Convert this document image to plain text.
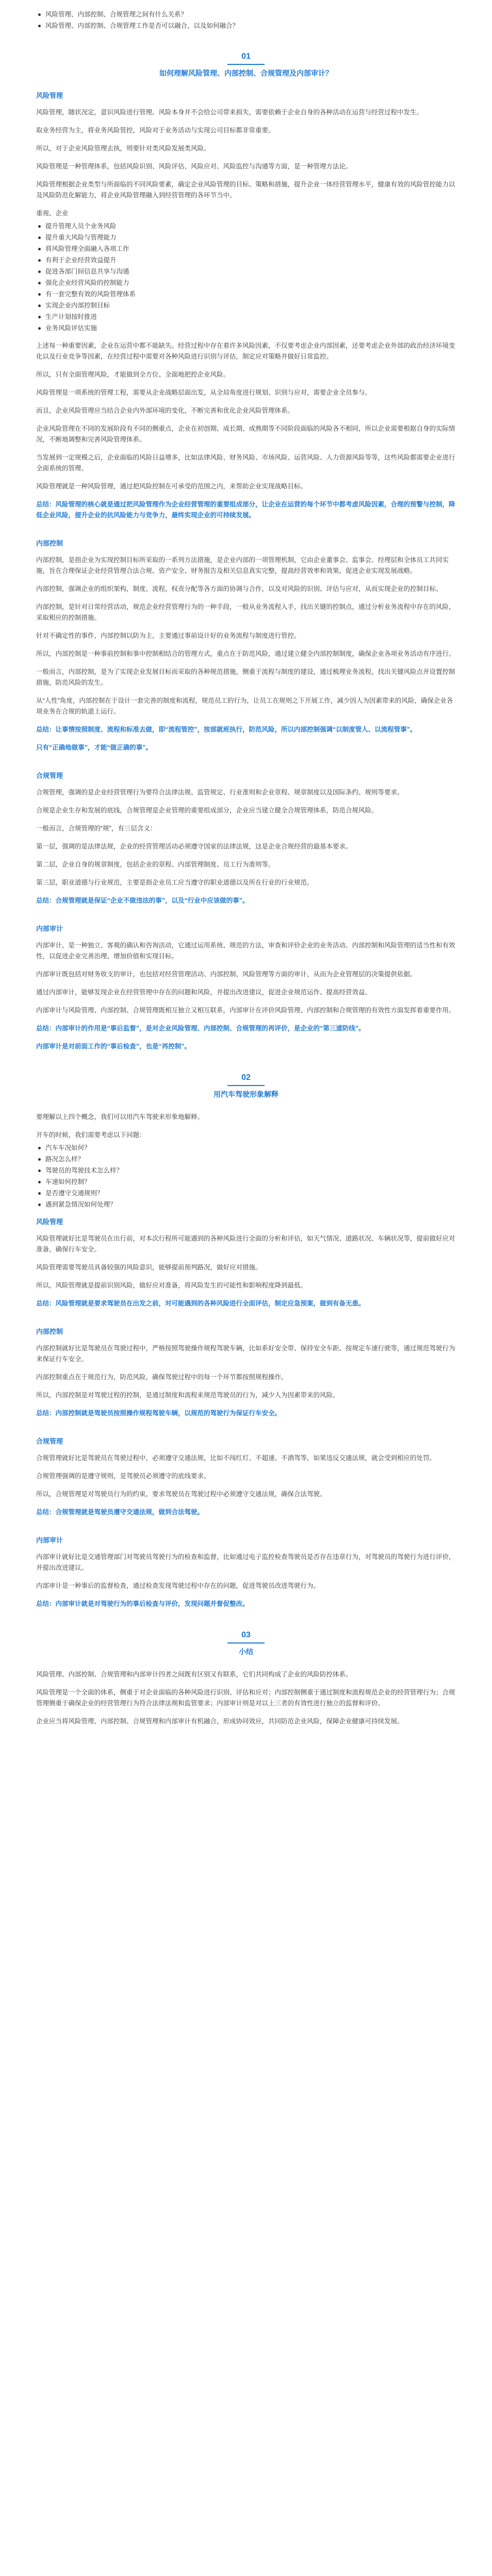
风险管理、内部控制、合规管理之间有什么关系？
风险管理、内部控制、合规管理工作是否可以融合，以及如何融合？
01
如何理解风险管理、内部控制、合规管理及内部审计？
风险管理

风险管理，随状况定，意识风险进行管理。风险本身并不会给公司带来损失，需要依赖于企业自身的各种活动在运营与经营过程中发生。

取业务经营为主，将业务风险管控，风险对于业务活动与实现公司目标都非常重要。

所以，对于企业风险管理去执，则要针对类风险发展类风险。

风险管理是一种管理体系，包括风险识别、风险评估、风险应对、风险监控与沟通等方面，是一种管理方法论。

风险管理根据企业类型与所面临的不同风险要素，确定企业风险管理的目标、策略和措施，提升企业一体经营管理水平，健康有效的风险管控能力以及风险防范化解能力，将企业风险管理融入到经营管理的各环节当中。

重视、企业

提升管理人员个业务风险
提升重大风险与管理能力
将风险管理全面融入各项工作
有利于企业经营效益提升
促进各部门间信息共享与沟通
强化企业经营风险的控制能力
有一套完整有效的风险管理体系
实现企业内部控制目标
生产计划按时推进
业务风险评估实施

上述每一种重要因素，企业在运营中都不能缺失。经营过程中存在着许多风险因素，不仅要考虑企业内部因素，还要考虑企业外部的政治经济环境变化以及行业竞争等因素，在经营过程中需要对各种风险进行识别与评估，制定应对策略并做好日常监控。

所以，只有全面管理风险，才能做到全方位、全面地把控企业风险。

风险管理是一项系统的管理工程，需要从企业战略层面出发，从全局角度进行规划、识别与应对，需要企业全员参与。

而且，企业风险管理应当结合企业内外部环境的变化，不断完善和优化企业风险管理体系。

企业风险管理在不同的发展阶段有不同的侧重点，企业在初创期、成长期、成熟期等不同阶段面临的风险各不相同，所以企业需要根据自身的实际情况，不断地调整和完善风险管理体系。

当发展到一定规模之后，企业面临的风险日益增多，比如法律风险、财务风险、市场风险、运营风险、人力资源风险等等，这些风险都需要企业进行全面系统的管理。

风险管理就是一种风险管理，通过把风险控制在可承受的范围之内，来帮助企业实现战略目标。

总结：风险管理的核心就是通过把风险管理作为企业经营管理的重要组成部分，让企业在运营的每个环节中都考虑风险因素，合理的预警与控制，降低企业风险，提升企业的抗风险能力与竞争力，最终实现企业的可持续发展。

内部控制

内部控制，是指企业为实现控制目标所采取的一系列方法措施，是企业内部的一项管理机制，它由企业董事会、监事会、经理层和全体员工共同实施，旨在合理保证企业经营管理合法合规、资产安全、财务报告及相关信息真实完整，提高经营效率和效果，促进企业实现发展战略。

内部控制，强调企业的组织架构，制度、流程，权责分配等各方面的协调与合作，以及对风险的识别、评估与应对，从而实现企业的控制目标。

内部控制，是针对日常经营活动，规范企业经营管理行为的一种手段，一般从业务流程入手，找出关键的控制点，通过分析业务流程中存在的风险，采取相应的控制措施。

针对不确定性的事件，内部控制以防为主，主要通过事前设计好的业务流程与制度进行管控。

所以，内部控制是一种事前控制和事中控制相结合的管理方式，重点在于防范风险，通过建立健全内部控制制度，确保企业各项业务活动有序进行。

一般而言，内部控制，是为了实现企业发展目标而采取的各种规范措施，侧重于流程与制度的建设，通过梳理业务流程，找出关键风险点并设置控制措施，防范风险的发生。

从“人性”角度，内部控制在于设计一套完善的制度和流程，规范员工的行为，让员工在规则之下开展工作，减少因人为因素带来的风险，确保企业各项业务在合规的轨道上运行。

总结：让事情按照制度、流程和标准去做，即“流程管控”，按部就班执行，防范风险，所以内部控制强调“以制度管人、以流程管事”。

只有“正确地做事”，才能“做正确的事”。

合规管理

合规管理，强调的是企业经营管理行为要符合法律法规、监管规定、行业准则和企业章程、规章制度以及国际条约、规则等要求。

合规是企业生存和发展的底线，合规管理是企业管理的重要组成部分，企业应当建立健全合规管理体系，防范合规风险。

一般而言，合规管理的“规”，有三层含义：

第一层，强调的是法律法规，企业的经营管理活动必须遵守国家的法律法规，这是企业合规经营的最基本要求。

第二层，企业自身的规章制度，包括企业的章程、内部管理制度、员工行为准则等。

第三层，职业道德与行业规范，主要是指企业员工应当遵守的职业道德以及所在行业的行业规范。

总结：合规管理就是保证“企业不做违法的事”，以及“行业中应该做的事”。

内部审计

内部审计，是一种独立、客观的确认和咨询活动，它通过运用系统、规范的方法，审查和评价企业的业务活动、内部控制和风险管理的适当性和有效性，以促进企业完善治理、增加价值和实现目标。

内部审计既包括对财务收支的审计，也包括对经营管理活动、内部控制、风险管理等方面的审计，从而为企业管理层的决策提供依据。

通过内部审计，能够发现企业在经营管理中存在的问题和风险，并提出改进建议，促进企业规范运作、提高经营效益。

内部审计与风险管理、内部控制、合规管理既相互独立又相互联系，内部审计在评价风险管理、内部控制和合规管理的有效性方面发挥着重要作用。

总结：内部审计的作用是“事后监督”，是对企业风险管理、内部控制、合规管理的再评价，是企业的“第三道防线”。

内部审计是对前面工作的“事后检查”，也是“再控制”。

02
用汽车驾驶形象解释

要理解以上四个概念，我们可以用汽车驾驶来形象地解释。

开车的时候，我们需要考虑以下问题：

汽车车况如何？
路况怎么样？
驾驶员的驾驶技术怎么样？
车速如何控制？
是否遵守交通规则？
遇到紧急情况如何处理？
风险管理

风险管理就好比是驾驶员在出行前，对本次行程所可能遇到的各种风险进行全面的分析和评估，如天气情况、道路状况、车辆状况等，提前做好应对准备，确保行车安全。

风险管理需要驾驶员具备较强的风险意识，能够提前预判路况，做好应对措施。

所以，风险管理就是提前识别风险，做好应对准备，将风险发生的可能性和影响程度降到最低。

总结：风险管理就是要求驾驶员在出发之前，对可能遇到的各种风险进行全面评估，制定应急预案，做到有备无患。

内部控制

内部控制就好比是驾驶员在驾驶过程中，严格按照驾驶操作规程驾驶车辆，比如系好安全带、保持安全车距、按规定车速行驶等，通过规范驾驶行为来保证行车安全。

内部控制重点在于规范行为，防范风险，确保驾驶过程中的每一个环节都按照规程操作。

所以，内部控制是对驾驶过程的控制，是通过制度和流程来规范驾驶员的行为，减少人为因素带来的风险。

总结：内部控制就是驾驶员按照操作规程驾驶车辆，以规范的驾驶行为保证行车安全。

合规管理

合规管理就好比是驾驶员在驾驶过程中，必须遵守交通法规，比如不闯红灯、不超速、不酒驾等，如果违反交通法规，就会受到相应的处罚。

合规管理强调的是遵守规则，是驾驶员必须遵守的底线要求。

所以，合规管理是对驾驶员行为的约束，要求驾驶员在驾驶过程中必须遵守交通法规，确保合法驾驶。

总结：合规管理就是驾驶员遵守交通法规，做到合法驾驶。

内部审计

内部审计就好比是交通管理部门对驾驶员驾驶行为的检查和监督，比如通过电子监控检查驾驶员是否存在违章行为，对驾驶员的驾驶行为进行评价，并提出改进建议。

内部审计是一种事后的监督检查，通过检查发现驾驶过程中存在的问题，促进驾驶员改进驾驶行为。

总结：内部审计就是对驾驶行为的事后检查与评价，发现问题并督促整改。

03
小结

风险管理、内部控制、合规管理和内部审计四者之间既有区别又有联系，它们共同构成了企业的风险防控体系。

风险管理是一个全面的体系，侧重于对企业面临的各种风险进行识别、评估和应对；内部控制侧重于通过制度和流程规范企业的经营管理行为；合规管理侧重于确保企业的经营管理行为符合法律法规和监管要求；内部审计则是对以上三者的有效性进行独立的监督和评价。

企业应当将风险管理、内部控制、合规管理和内部审计有机融合，形成协同效应，共同防范企业风险，保障企业健康可持续发展。
